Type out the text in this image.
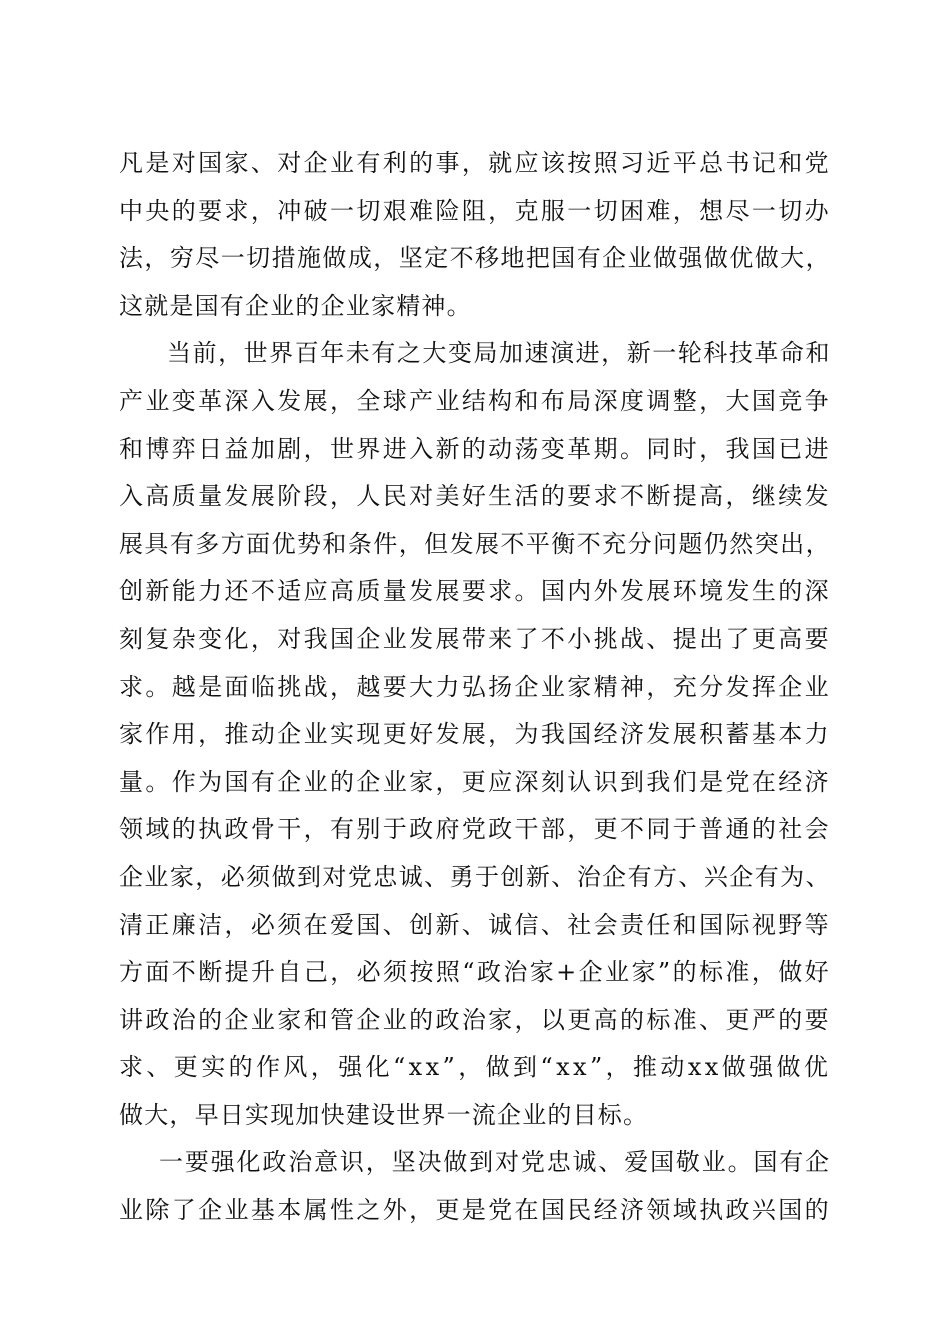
凡是对国家、对企业有利的事，就应该按照习近平总书记和党
中央的要求，冲破一切艰难险阻，克服一切困难，想尽一切办
法，穷尽一切措施做成，坚定不移地把国有企业做强做优做大，
这就是国有企业的企业家精神。

当前，世界百年未有之大变局加速演进，新一轮科技革命和
产业变革深入发展，全球产业结构和布局深度调整，大国竞争
和博弈日益加剧，世界进入新的动荡变革期。同时，我国已进
入高质量发展阶段，人民对美好生活的要求不断提高，继续发
展具有多方面优势和条件，但发展不平衡不充分问题仍然突出，
创新能力还不适应高质量发展要求。国内外发展环境发生的深
刻复杂变化，对我国企业发展带来了不小挑战、提出了更高要
求。越是面临挑战，越要大力弘扬企业家精神，充分发挥企业
家作用，推动企业实现更好发展，为我国经济发展积蓄基本力
量。作为国有企业的企业家，更应深刻认识到我们是党在经济
领域的执政骨干，有别于政府党政干部，更不同于普通的社会
企业家，必须做到对党忠诚、勇于创新、治企有方、兴企有为、
清正廉洁，必须在爱国、创新、诚信、社会责任和国际视野等
方面不断提升自己，必须按照“政治家+企业家”的标准，做好
讲政治的企业家和管企业的政治家，以更高的标准、更严的要
求、更实的作风，强化“xx”，做到“xx”，推动xx做强做优
做大，早日实现加快建设世界一流企业的目标。

一要强化政治意识，坚决做到对党忠诚、爱国敬业。国有企
业除了企业基本属性之外，更是党在国民经济领域执政兴国的
